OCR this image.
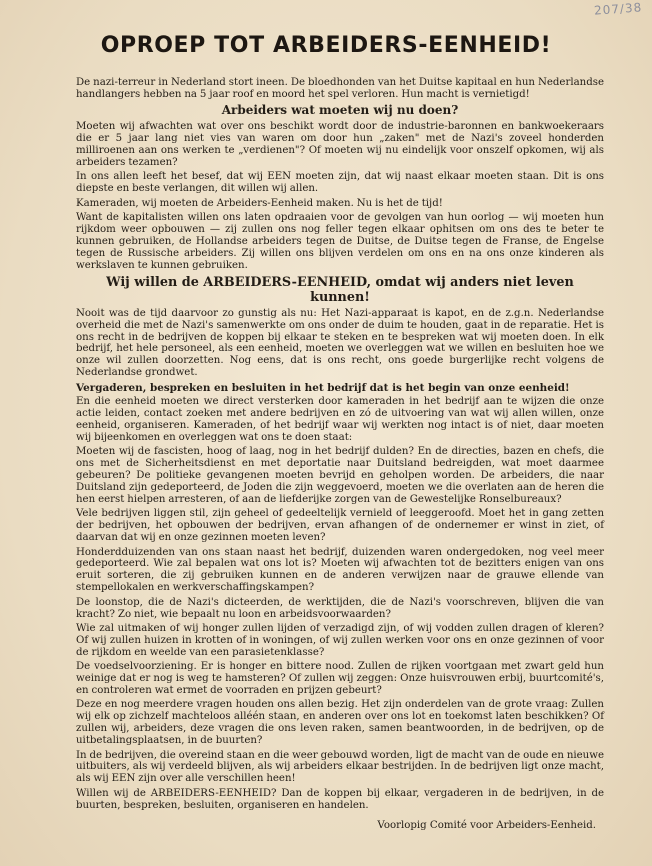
207/38
OPROEP TOT ARBEIDERS-EENHEID!

De nazi-terreur in Nederland stort ineen. De bloedhonden van het Duitse kapitaal en hun Nederlandse handlangers hebben na 5 jaar roof en moord het spel verloren. Hun macht is vernietigd!

Arbeiders wat moeten wij nu doen?

Moeten wij afwachten wat over ons beschikt wordt door de industrie-baronnen en bankwoekeraars die er 5 jaar lang niet vies van waren om door hun „zaken" met de Nazi's zoveel honderden milliroenen aan ons werken te „verdienen"? Of moeten wij nu eindelijk voor onszelf opkomen, wij als arbeiders tezamen?

In ons allen leeft het besef, dat wij EEN moeten zijn, dat wij naast elkaar moeten staan. Dit is ons diepste en beste verlangen, dit willen wij allen.

Kameraden, wij moeten de Arbeiders-Eenheid maken. Nu is het de tijd!

Want de kapitalisten willen ons laten opdraaien voor de gevolgen van hun oorlog — wij moeten hun rijkdom weer opbouwen — zij zullen ons nog feller tegen elkaar ophitsen om ons des te beter te kunnen gebruiken, de Hollandse arbeiders tegen de Duitse, de Duitse tegen de Franse, de Engelse tegen de Russische arbeiders. Zij willen ons blijven verdelen om ons en na ons onze kinderen als werkslaven te kunnen gebruiken.

Wij willen de ARBEIDERS-EENHEID, omdat wij anders niet leven kunnen!

Nooit was de tijd daarvoor zo gunstig als nu: Het Nazi-apparaat is kapot, en de z.g.n. Nederlandse overheid die met de Nazi's samenwerkte om ons onder de duim te houden, gaat in de reparatie. Het is ons recht in de bedrijven de koppen bij elkaar te steken en te bespreken wat wij moeten doen. In elk bedrijf, het hele personeel, als een eenheid, moeten we overleggen wat we willen en besluiten hoe we onze wil zullen doorzetten. Nog eens, dat is ons recht, ons goede burgerlijke recht volgens de Nederlandse grondwet.

Vergaderen, bespreken en besluiten in het bedrijf dat is het begin van onze eenheid!

En die eenheid moeten we direct versterken door kameraden in het bedrijf aan te wijzen die onze actie leiden, contact zoeken met andere bedrijven en zó de uitvoering van wat wij allen willen, onze eenheid, organiseren. Kameraden, of het bedrijf waar wij werkten nog intact is of niet, daar moeten wij bijeenkomen en overleggen wat ons te doen staat:

Moeten wij de fascisten, hoog of laag, nog in het bedrijf dulden? En de directies, bazen en chefs, die ons met de Sicherheitsdienst en met deportatie naar Duitsland bedreigden, wat moet daarmee gebeuren? De politieke gevangenen moeten bevrijd en geholpen worden. De arbeiders, die naar Duitsland zijn gedeporteerd, de Joden die zijn weggevoerd, moeten we die overlaten aan de heren die hen eerst hielpen arresteren, of aan de liefderijke zorgen van de Gewestelijke Ronselbureaux?

Vele bedrijven liggen stil, zijn geheel of gedeeltelijk vernield of leeggeroofd. Moet het in gang zetten der bedrijven, het opbouwen der bedrijven, ervan afhangen of de ondernemer er winst in ziet, of daarvan dat wij en onze gezinnen moeten leven?

Honderdduizenden van ons staan naast het bedrijf, duizenden waren ondergedoken, nog veel meer gedeporteerd. Wie zal bepalen wat ons lot is? Moeten wij afwachten tot de bezitters enigen van ons eruit sorteren, die zij gebruiken kunnen en de anderen verwijzen naar de grauwe ellende van stempellokalen en werkverschaffingskampen?

De loonstop, die de Nazi's dicteerden, de werktijden, die de Nazi's voorschreven, blijven die van kracht? Zo niet, wie bepaalt nu loon en arbeidsvoorwaarden?

Wie zal uitmaken of wij honger zullen lijden of verzadigd zijn, of wij vodden zullen dragen of kleren? Of wij zullen huizen in krotten of in woningen, of wij zullen werken voor ons en onze gezinnen of voor de rijkdom en weelde van een parasietenklasse?

De voedselvoorziening. Er is honger en bittere nood. Zullen de rijken voortgaan met zwart geld hun weinige dat er nog is weg te hamsteren? Of zullen wij zeggen: Onze huisvrouwen erbij, buurtcomité's, en controleren wat ermet de voorraden en prijzen gebeurt?

Deze en nog meerdere vragen houden ons allen bezig. Het zijn onderdelen van de grote vraag: Zullen wij elk op zichzelf machteloos alléén staan, en anderen over ons lot en toekomst laten beschikken? Of zullen wij, arbeiders, deze vragen die ons leven raken, samen beantwoorden, in de bedrijven, op de uitbetalingsplaatsen, in de buurten?

In de bedrijven, die overeind staan en die weer gebouwd worden, ligt de macht van de oude en nieuwe uitbuiters, als wij verdeeld blijven, als wij arbeiders elkaar bestrijden. In de bedrijven ligt onze macht, als wij EEN zijn over alle verschillen heen!

Willen wij de ARBEIDERS-EENHEID? Dan de koppen bij elkaar, vergaderen in de bedrijven, in de buurten, bespreken, besluiten, organiseren en handelen.

Voorlopig Comité voor Arbeiders-Eenheid.
